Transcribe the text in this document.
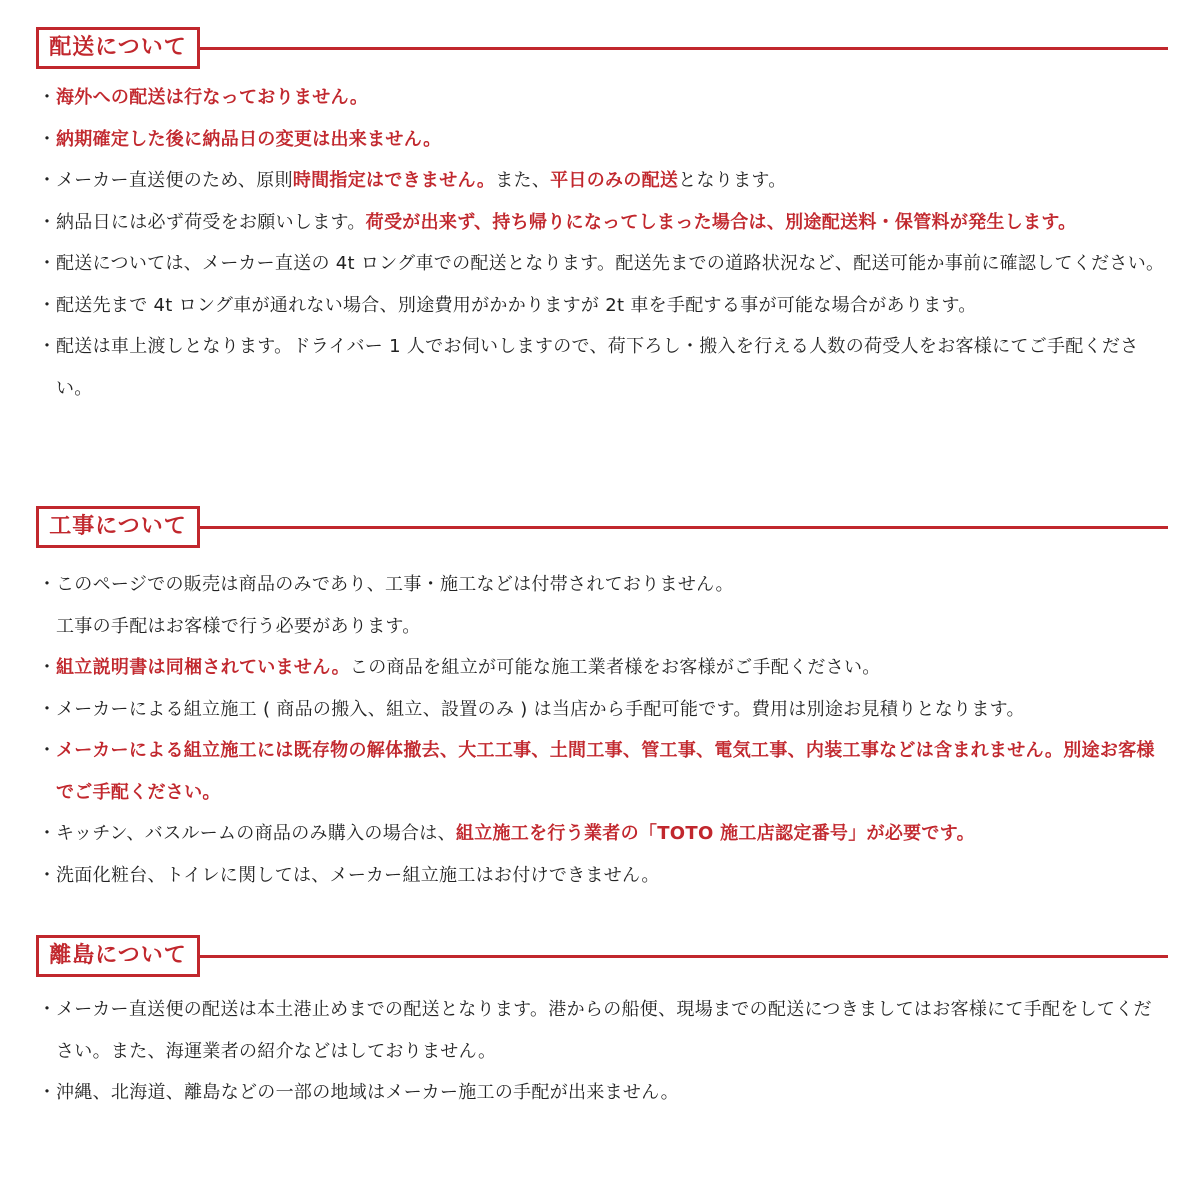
配送について
・ 海外への配送は行なっておりません。
・ 納期確定した後に納品日の変更は出来ません。
・ メーカー直送便のため、原則時間指定はできません。また、平日のみの配送となります。
・ 納品日には必ず荷受をお願いします。荷受が出来ず、持ち帰りになってしまった場合は、別途配送料・保管料が発生します。
・ 配送については、メーカー直送の 4t ロング車での配送となります。配送先までの道路状況など、配送可能か事前に確認してください。
・ 配送先まで 4t ロング車が通れない場合、別途費用がかかりますが 2t 車を手配する事が可能な場合があります。
・ 配送は車上渡しとなります。ドライバー 1 人でお伺いしますので、荷下ろし・搬入を行える人数の荷受人をお客様にてご手配ください。
工事について
・ このページでの販売は商品のみであり、工事・施工などは付帯されておりません。
工事の手配はお客様で行う必要があります。
・ 組立説明書は同梱されていません。この商品を組立が可能な施工業者様をお客様がご手配ください。
・ メーカーによる組立施工 ( 商品の搬入、組立、設置のみ ) は当店から手配可能です。費用は別途お見積りとなります。
・ メーカーによる組立施工には既存物の解体撤去、大工工事、土間工事、管工事、電気工事、内装工事などは含まれません。別途お客様でご手配ください。
・ キッチン、バスルームの商品のみ購入の場合は、組立施工を行う業者の「TOTO 施工店認定番号」が必要です。
・ 洗面化粧台、トイレに関しては、メーカー組立施工はお付けできません。
離島について
・ メーカー直送便の配送は本土港止めまでの配送となります。港からの船便、現場までの配送につきましてはお客様にて手配をしてください。また、海運業者の紹介などはしておりません。
・ 沖縄、北海道、離島などの一部の地域はメーカー施工の手配が出来ません。
